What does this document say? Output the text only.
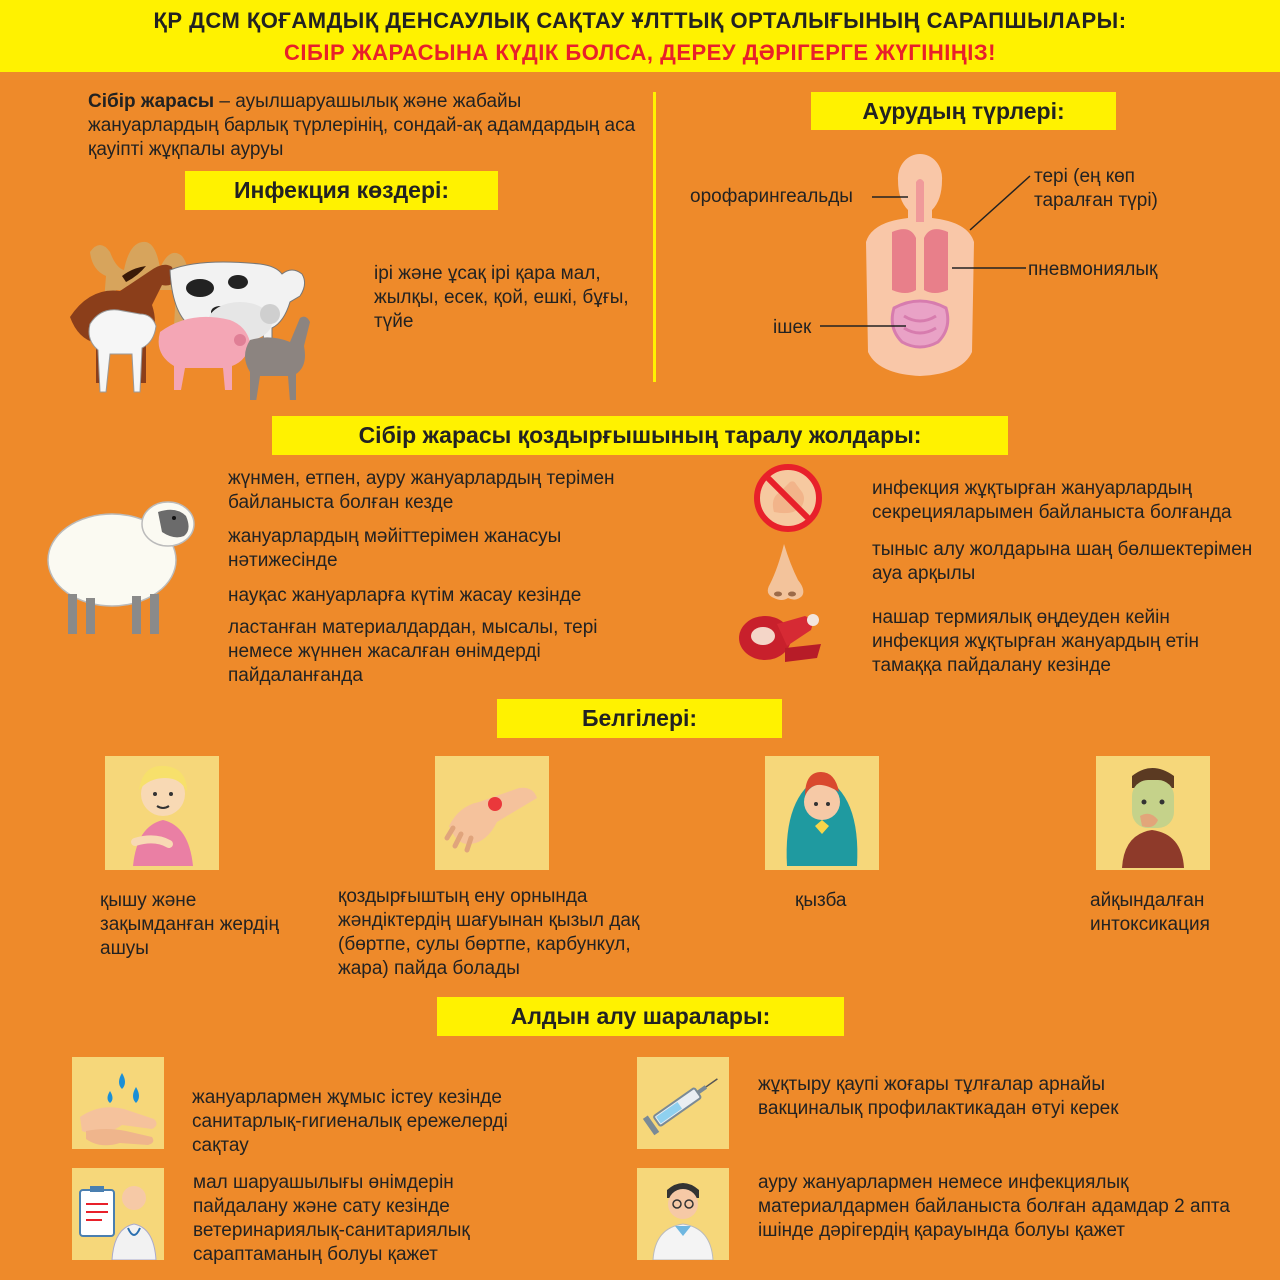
ҚР ДСМ ҚОҒАМДЫҚ ДЕНСАУЛЫҚ САҚТАУ ҰЛТТЫҚ ОРТАЛЫҒЫНЫҢ САРАПШЫЛАРЫ:
СІБІР ЖАРАСЫНА КҮДІК БОЛСА, ДЕРЕУ ДӘРІГЕРГЕ ЖҮГІНІҢІЗ!
Сібір жарасы – ауылшаруашылық және жабайы жануарлардың барлық түрлерінің, сондай-ақ адамдардың аса қауіпті жұқпалы ауруы
Инфекция көздері:
ірі және ұсақ ірі қара мал, жылқы, есек, қой, ешкі, бұғы, түйе
Аурудың түрлері:
орофарингеальды
тері (ең көп таралған түрі)
пневмониялық
ішек
Сібір жарасы қоздырғышының таралу жолдары:
жүнмен, етпен, ауру жануарлардың терімен байланыста болған кезде
жануарлардың мәйіттерімен жанасуы нәтижесінде
науқас жануарларға күтім жасау кезінде
ластанған материалдардан, мысалы, тері немесе жүннен жасалған өнімдерді пайдаланғанда
инфекция жұқтырған жануарлардың секрецияларымен байланыста болғанда
тыныс алу жолдарына шаң бөлшектерімен ауа арқылы
нашар термиялық өңдеуден кейін инфекция жұқтырған жануардың етін тамаққа пайдалану кезінде
Белгілері:
қышу және зақымданған жердің ашуы
қоздырғыштың ену орнында жәндіктердің шағуынан қызыл дақ (бөртпе, сулы бөртпе, карбункул, жара) пайда болады
қызба	айқындалған интоксикация
Алдын алу шаралары:
жануарлармен жұмыс істеу кезінде санитарлық-гигиеналық ережелерді сақтау
жұқтыру қаупі жоғары тұлғалар арнайы вакциналық профилактикадан өтуі керек
мал шаруашылығы өнімдерін пайдалану және сату кезінде ветеринариялық-санитариялық сараптаманың болуы қажет
ауру жануарлармен немесе инфекциялық материалдармен байланыста болған адамдар 2 апта ішінде дәрігердің қарауында болуы қажет
